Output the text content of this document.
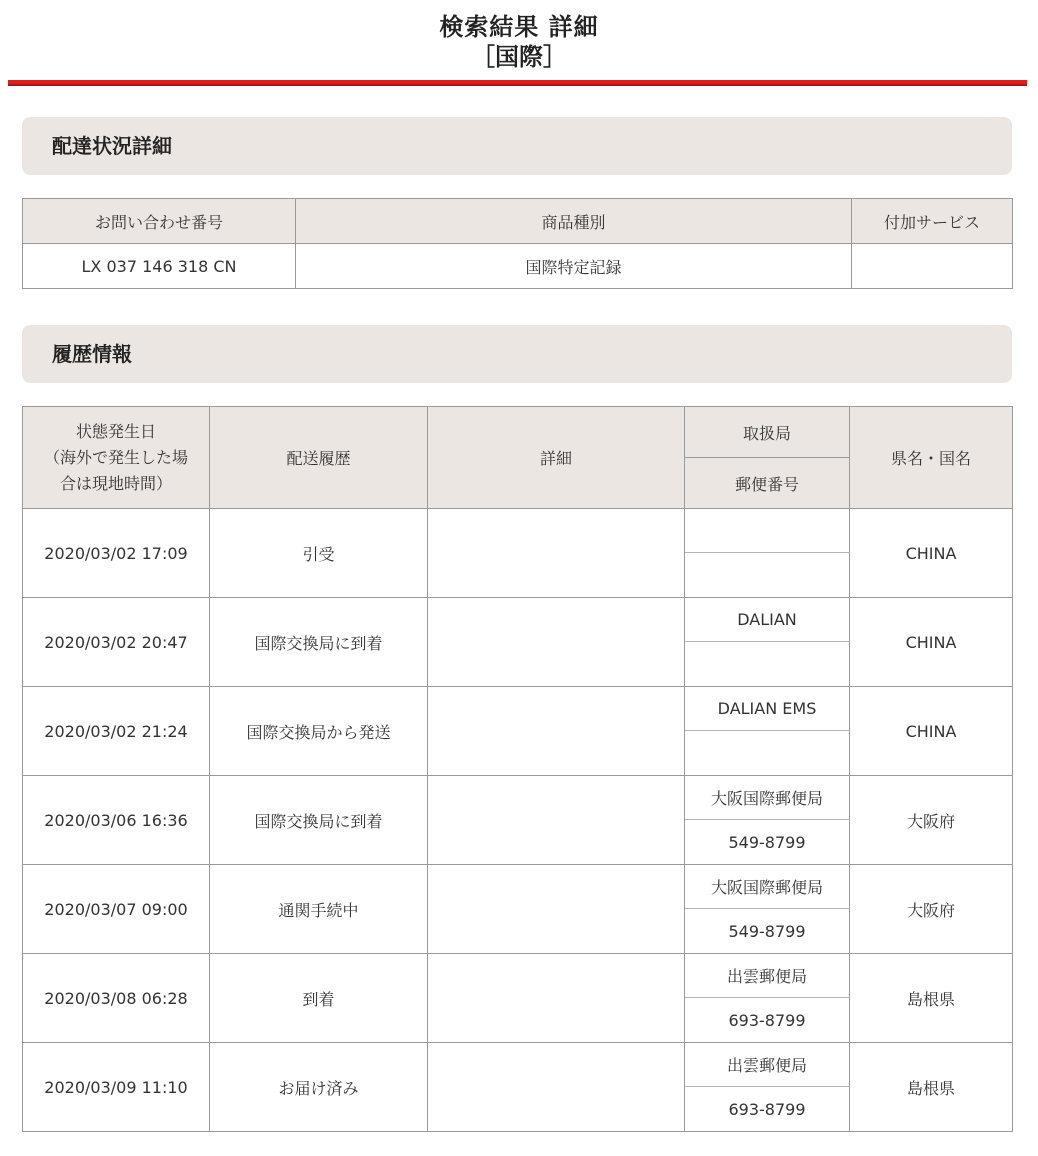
検索結果 詳細
［国際］
配達状況詳細
お問い合わせ番号	商品種別	付加サービス
LX 037 146 318 CN	国際特定記録	
履歴情報
状態発生日
（海外で発生した場
合は現地時間）	配送履歴	詳細	取扱局	県名・国名
			郵便番号	
2020/03/02 17:09	引受			CHINA

2020/03/02 20:47	国際交換局に到着		DALIAN	CHINA

2020/03/02 21:24	国際交換局から発送		DALIAN EMS	CHINA

2020/03/06 16:36	国際交換局に到着		大阪国際郵便局	大阪府
			549-8799	
2020/03/07 09:00	通関手続中		大阪国際郵便局	大阪府
			549-8799	
2020/03/08 06:28	到着		出雲郵便局	島根県
			693-8799	
2020/03/09 11:10	お届け済み		出雲郵便局	島根県
			693-8799	
